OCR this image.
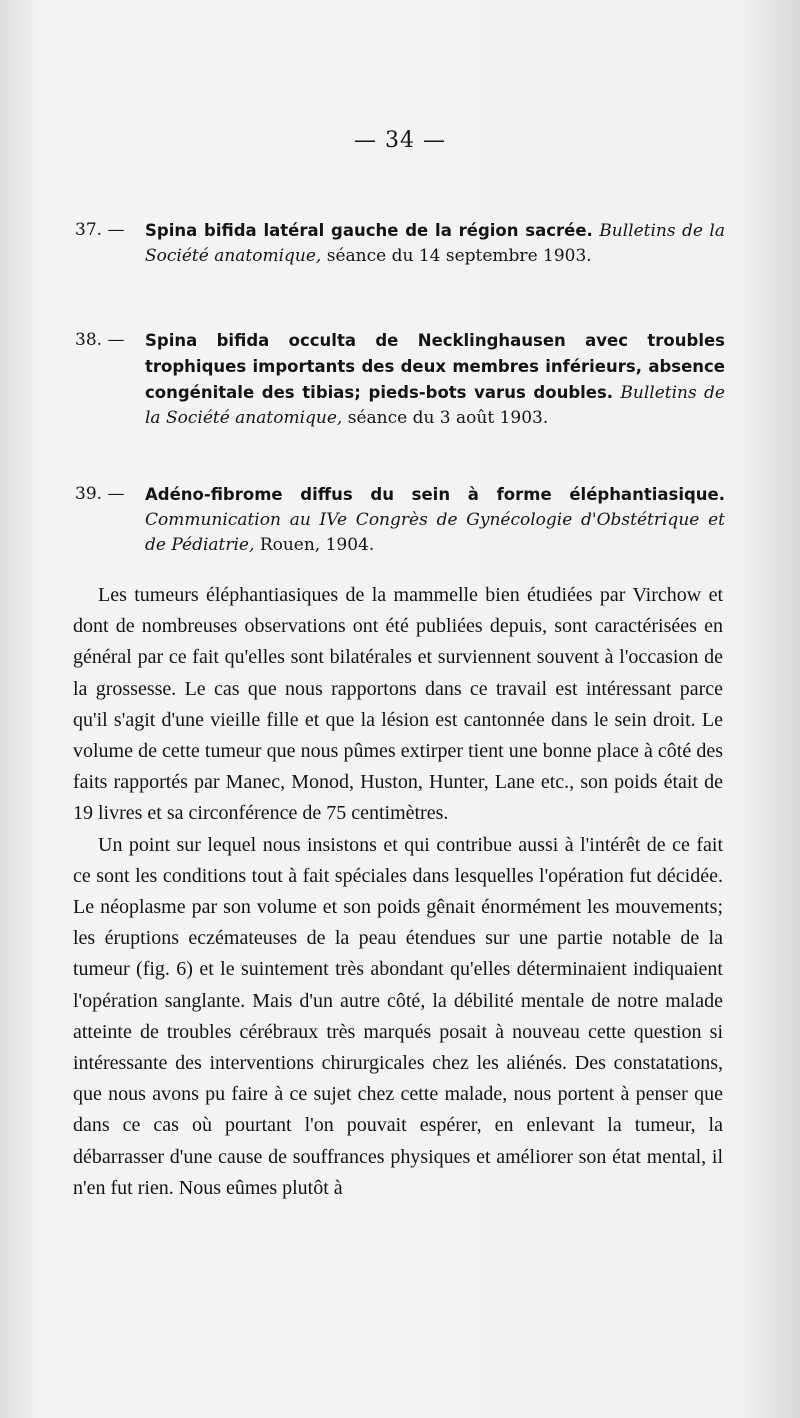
— 34 —
37. —	Spina bifida latéral gauche de la région sacrée. Bulletins de la Société anatomique, séance du 14 septembre 1903.
38. —	Spina bifida occulta de Necklinghausen avec troubles trophiques importants des deux membres inférieurs, absence congénitale des tibias; pieds-bots varus doubles. Bulletins de la Société anatomique, séance du 3 août 1903.
39. —	Adéno-fibrome diffus du sein à forme éléphantiasique. Communication au IVe Congrès de Gynécologie d'Obstétrique et de Pédiatrie, Rouen, 1904.

Les tumeurs éléphantiasiques de la mammelle bien étudiées par Virchow et dont de nombreuses observations ont été publiées depuis, sont caractérisées en général par ce fait qu'elles sont bilatérales et surviennent souvent à l'occasion de la grossesse. Le cas que nous rapportons dans ce travail est intéressant parce qu'il s'agit d'une vieille fille et que la lésion est cantonnée dans le sein droit. Le volume de cette tumeur que nous pûmes extirper tient une bonne place à côté des faits rapportés par Manec, Monod, Huston, Hunter, Lane etc., son poids était de 19 livres et sa circonférence de 75 centimètres.

Un point sur lequel nous insistons et qui contribue aussi à l'intérêt de ce fait ce sont les conditions tout à fait spéciales dans lesquelles l'opération fut décidée. Le néoplasme par son volume et son poids gênait énormément les mouvements; les éruptions eczémateuses de la peau étendues sur une partie notable de la tumeur (fig. 6) et le suintement très abondant qu'elles déterminaient indiquaient l'opération sanglante. Mais d'un autre côté, la débilité mentale de notre malade atteinte de troubles cérébraux très marqués posait à nouveau cette question si intéressante des interventions chirurgicales chez les aliénés. Des constatations, que nous avons pu faire à ce sujet chez cette malade, nous portent à penser que dans ce cas où pourtant l'on pouvait espérer, en enlevant la tumeur, la débarrasser d'une cause de souffrances physiques et améliorer son état mental, il n'en fut rien. Nous eûmes plutôt à
